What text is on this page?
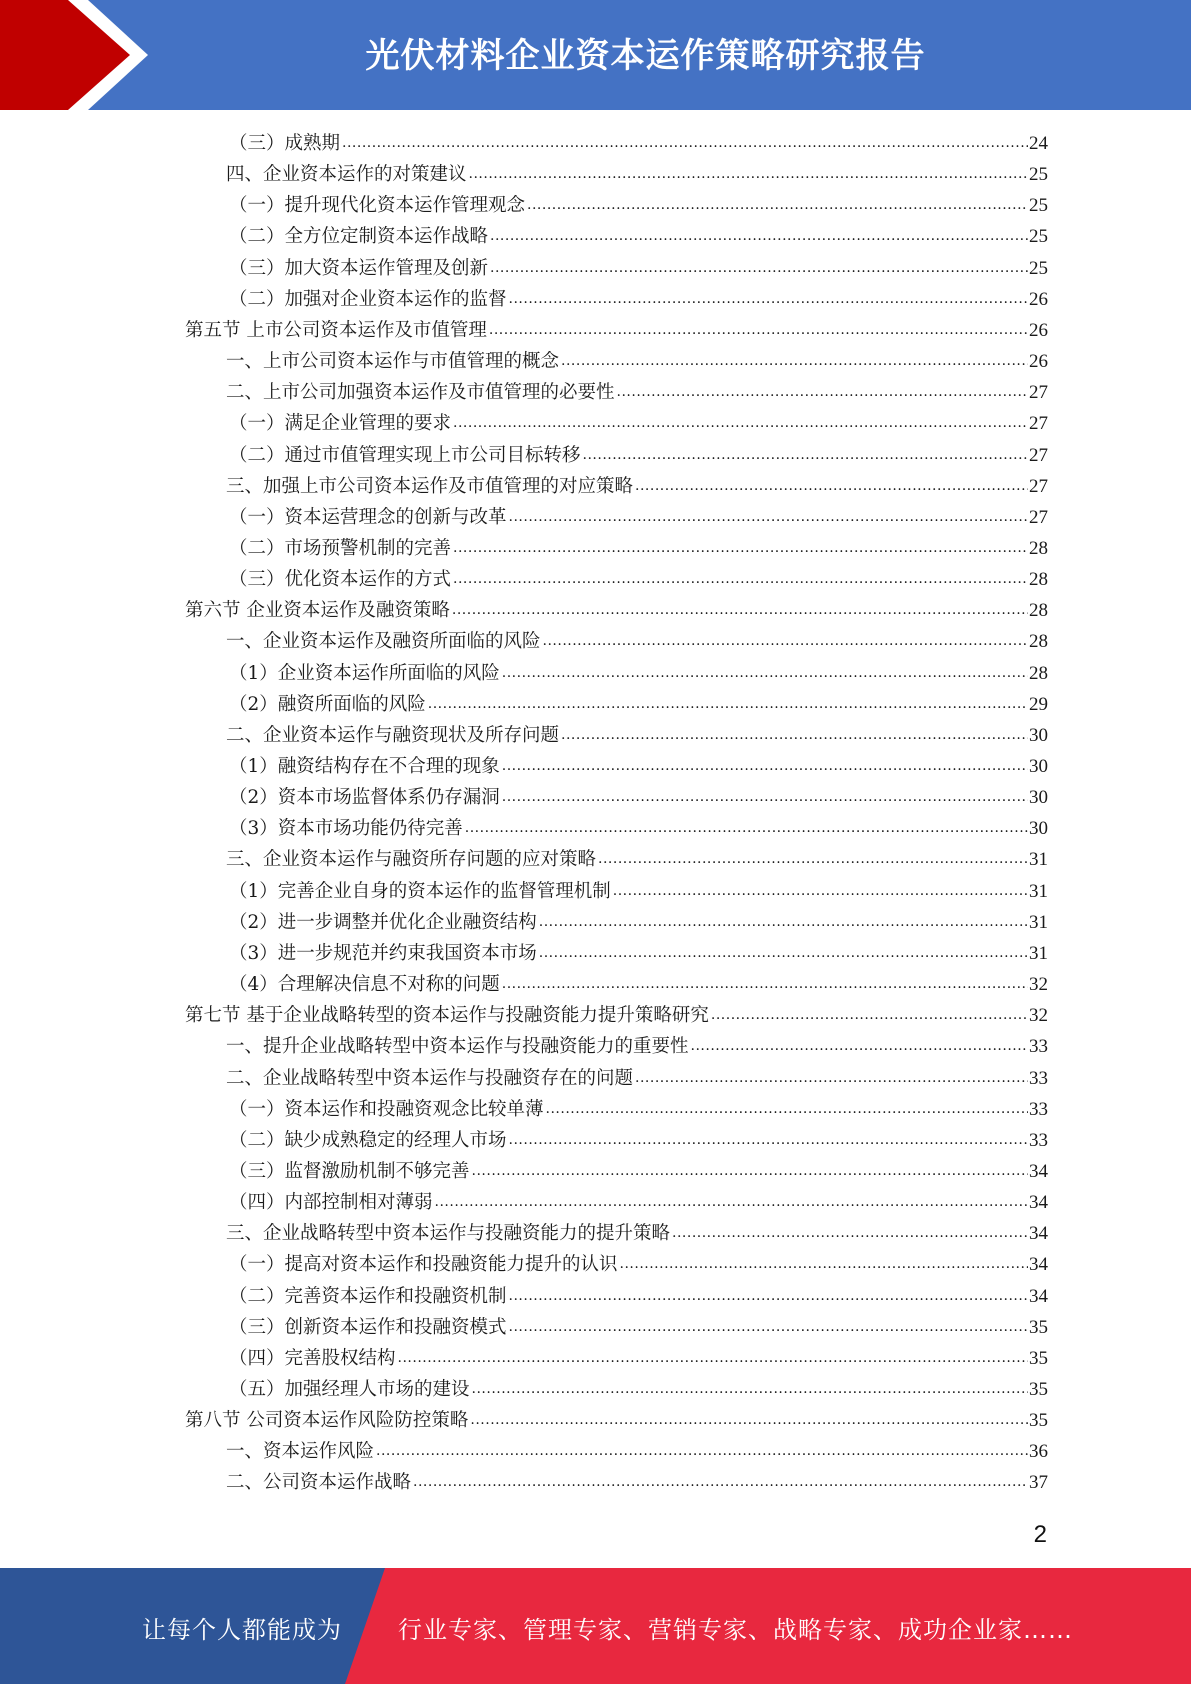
光伏材料企业资本运作策略研究报告
（三）成熟期 .....	24
四、企业资本运作的对策建议 .....	25
（一）提升现代化资本运作管理观念 .....	25
（二）全方位定制资本运作战略 .....	25
（三）加大资本运作管理及创新 .....	25
（二）加强对企业资本运作的监督 .....	26
第五节 上市公司资本运作及市值管理 .....	26
一、上市公司资本运作与市值管理的概念 .....	26
二、上市公司加强资本运作及市值管理的必要性 .....	27
（一）满足企业管理的要求 .....	27
（二）通过市值管理实现上市公司目标转移 .....	27
三、加强上市公司资本运作及市值管理的对应策略 .....	27
（一）资本运营理念的创新与改革 .....	27
（二）市场预警机制的完善 .....	28
（三）优化资本运作的方式 .....	28
第六节 企业资本运作及融资策略 .....	28
一、企业资本运作及融资所面临的风险 .....	28
（1）企业资本运作所面临的风险 .....	28
（2）融资所面临的风险 .....	29
二、企业资本运作与融资现状及所存问题 .....	30
（1）融资结构存在不合理的现象 .....	30
（2）资本市场监督体系仍存漏洞 .....	30
（3）资本市场功能仍待完善 .....	30
三、企业资本运作与融资所存问题的应对策略 .....	31
（1）完善企业自身的资本运作的监督管理机制 .....	31
（2）进一步调整并优化企业融资结构 .....	31
（3）进一步规范并约束我国资本市场 .....	31
（4）合理解决信息不对称的问题 .....	32
第七节 基于企业战略转型的资本运作与投融资能力提升策略研究 .....	32
一、提升企业战略转型中资本运作与投融资能力的重要性 .....	33
二、企业战略转型中资本运作与投融资存在的问题 .....	33
（一）资本运作和投融资观念比较单薄 .....	33
（二）缺少成熟稳定的经理人市场 .....	33
（三）监督激励机制不够完善 .....	34
（四）内部控制相对薄弱 .....	34
三、企业战略转型中资本运作与投融资能力的提升策略 .....	34
（一）提高对资本运作和投融资能力提升的认识 .....	34
（二）完善资本运作和投融资机制 .....	34
（三）创新资本运作和投融资模式 .....	35
（四）完善股权结构 .....	35
（五）加强经理人市场的建设 .....	35
第八节 公司资本运作风险防控策略 .....	35
一、资本运作风险 .....	36
二、公司资本运作战略 .....	37
2
让每个人都能成为 行业专家、管理专家、营销专家、战略专家、成功企业家……
